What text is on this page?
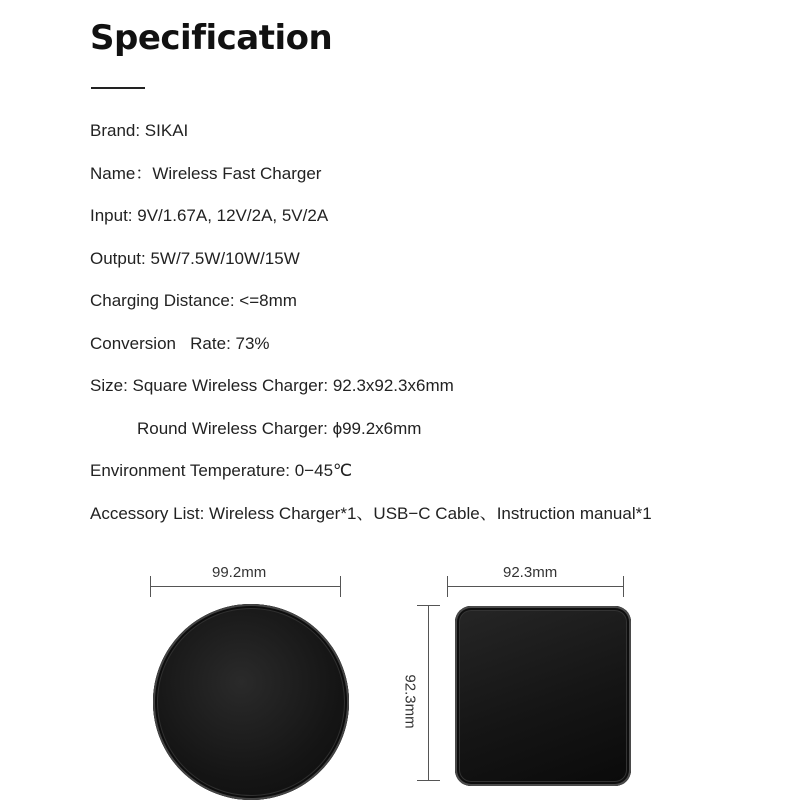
Specification

Brand: SIKAI

Name：Wireless Fast Charger

Input: 9V/1.67A, 12V/2A, 5V/2A

Output: 5W/7.5W/10W/15W

Charging Distance: <=8mm

Conversion   Rate: 73%

Size: Square Wireless Charger: 92.3x92.3x6mm

Round Wireless Charger: ϕ99.2x6mm

Environment Temperature: 0−45℃

Accessory List: Wireless Charger*1、USB−C Cable、Instruction manual*1

99.2mm	92.3mm
92.3mm
